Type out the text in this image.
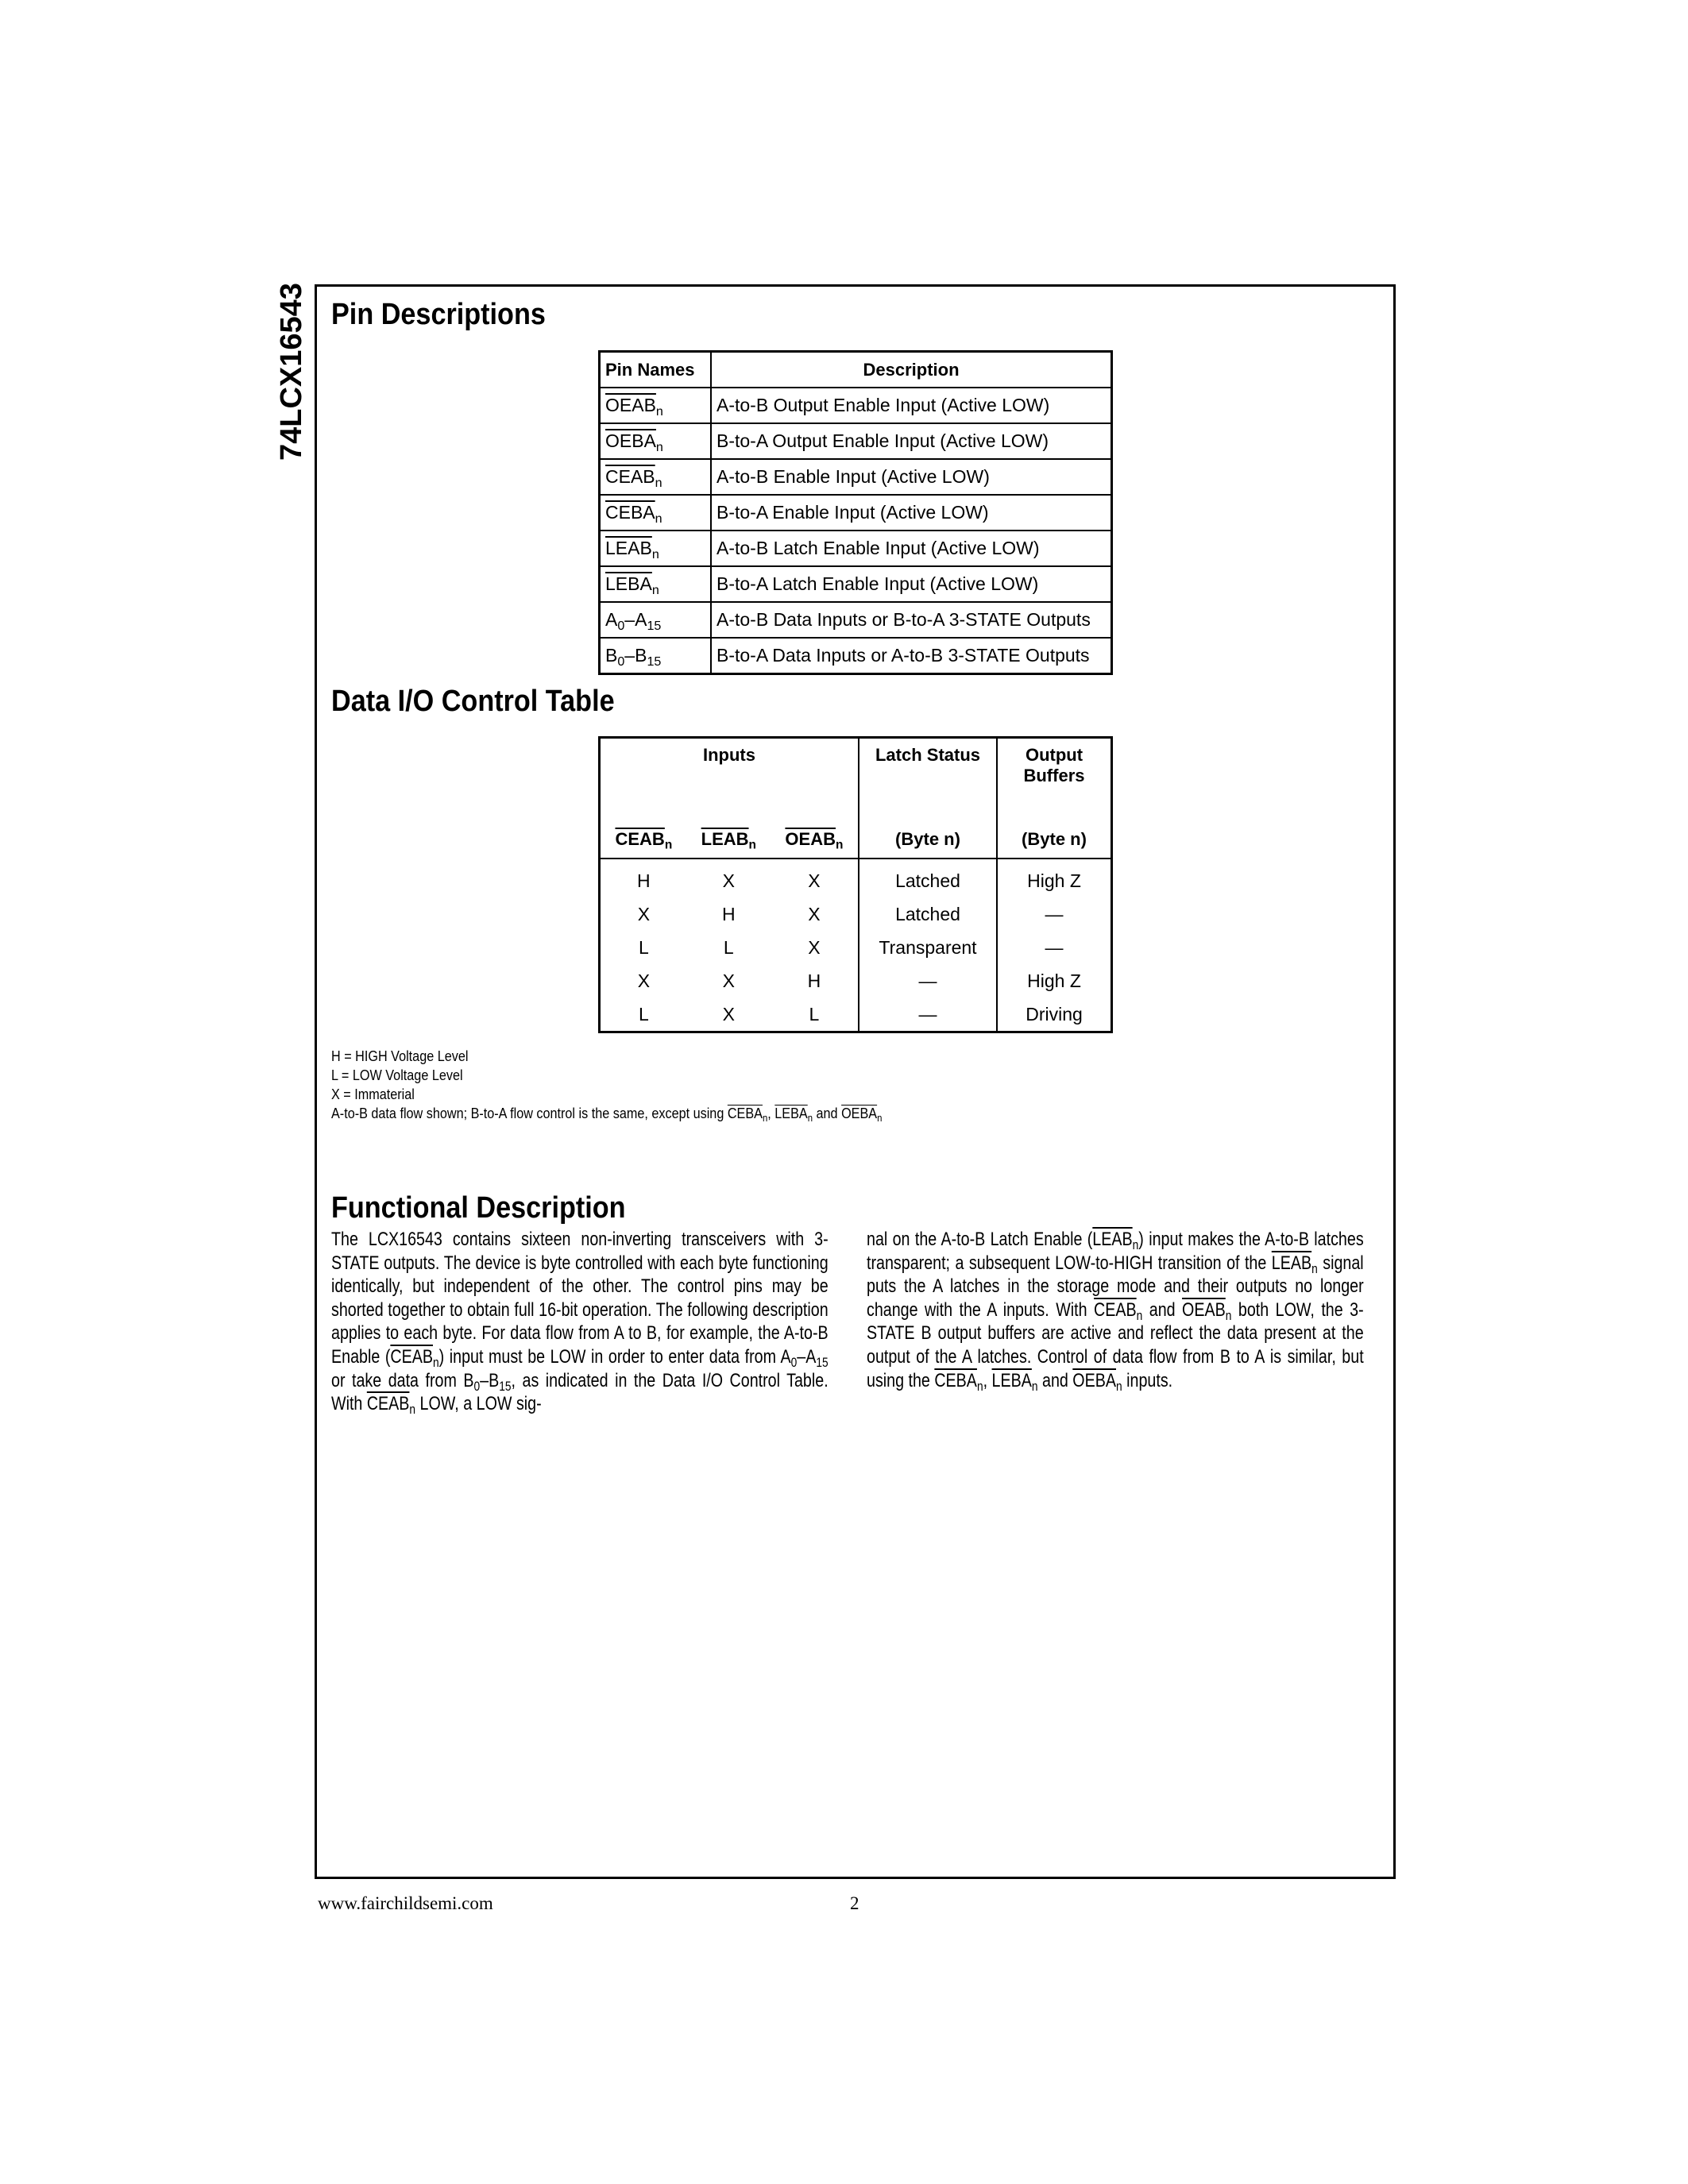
74LCX16543 Pin Descriptions
Pin Names	Description
$OEAB_n$	A-to-B Output Enable Input (Active LOW)
$OEBA_n$	B-to-A Output Enable Input (Active LOW)
$CEAB_n$	A-to-B Enable Input (Active LOW)
$CEBA_n$	B-to-A Enable Input (Active LOW)
$LEAB_n$	A-to-B Latch Enable Input (Active LOW)
$LEBA_n$	B-to-A Latch Enable Input (Active LOW)
$A_0-A_{15}$	A-to-B Data Inputs or B-to-A 3-STATE Outputs
$B_0-B_{15}$	B-to-A Data Inputs or A-to-B 3-STATE Outputs
Data I/O Control Table
Inputs			Latch Status	Output Buffers
$CEAB_n$	$LEAB_n$	$OEAB_n$	(Byte n)	(Byte n)
H	X	X	Latched	High Z
X	H	X	Latched	—
L	L	X	Transparent	—
X	X	H	—	High Z
L	X	L	—	Driving
H = HIGH Voltage Level
L = LOW Voltage Level
X = Immaterial
A-to-B data flow shown; B-to-A flow control is the same, except using $CEBA_n$, $LEBA_n$ and $OEBA_n$
Functional Description
The LCX16543 contains sixteen non-inverting transceivers with 3-STATE outputs. The device is byte controlled with each byte functioning identically, but independent of the other. The control pins may be shorted together to obtain full 16-bit operation. The following description applies to each byte. For data flow from A to B, for example, the A-to-B Enable $(CEAB_n)$ input must be LOW in order to enter data from $A_0-A_{15}$ or take data from $B_0-B_{15}$, as indicated in the Data I/O Control Table. With $CEAB_n$ LOW, a LOW sig-
nal on the A-to-B Latch Enable $(LEAB_n)$ input makes the A-to-B latches transparent; a subsequent LOW-to-HIGH transition of the $LEAB_n$ signal puts the A latches in the storage mode and their outputs no longer change with the A inputs. With $CEAB_n$ and $OEAB_n$ both LOW, the 3-STATE B output buffers are active and reflect the data present at the output of the A latches. Control of data flow from B to A is similar, but using the $CEBA_n$, $LEBA_n$ and $OEBA_n$ inputs.
www.fairchildsemi.com	2
